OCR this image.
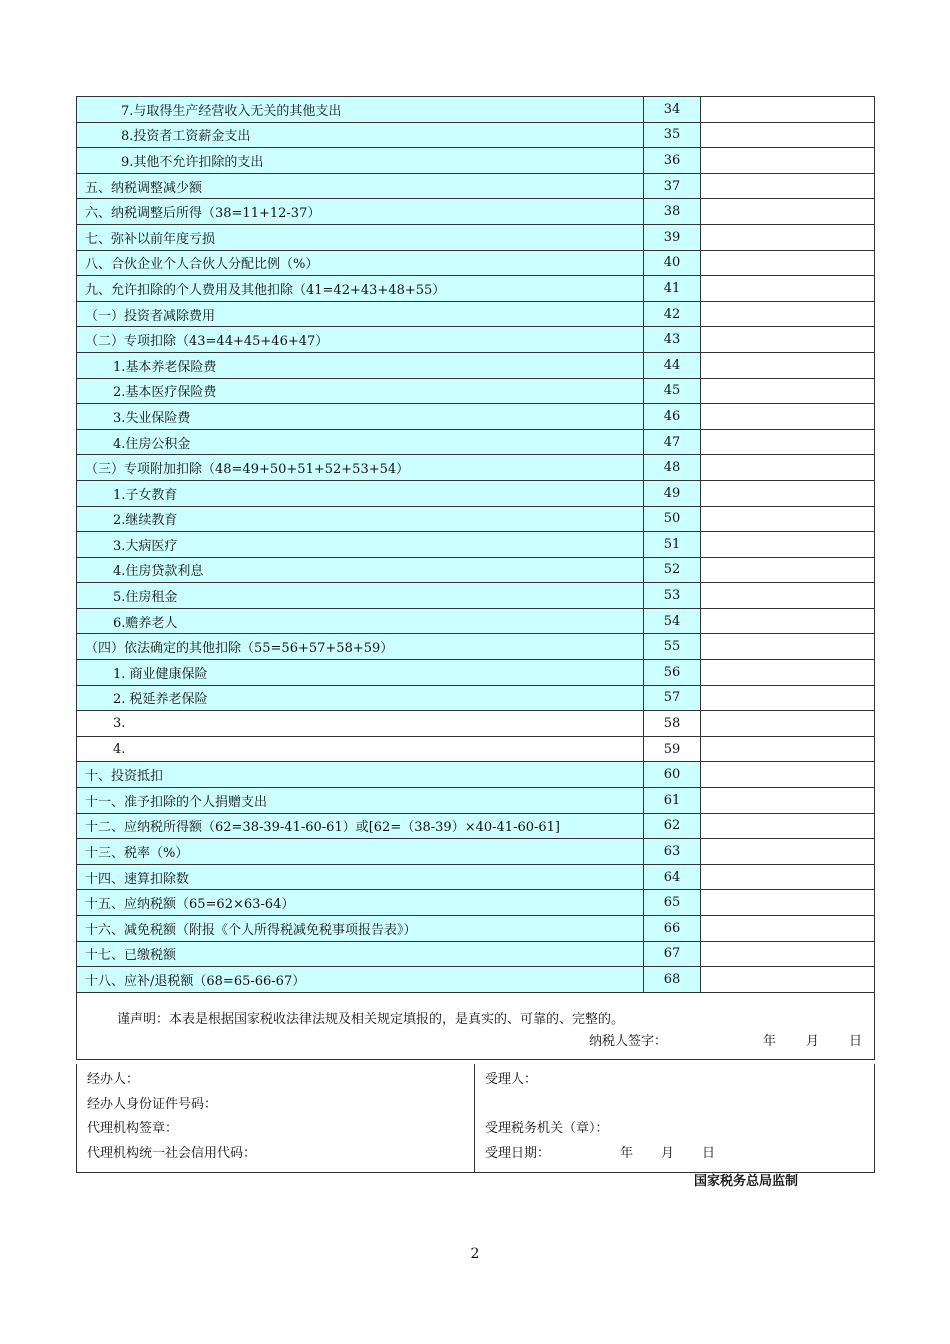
7.与取得生产经营收入无关的其他支出	34	
8.投资者工资薪金支出	35	
9.其他不允许扣除的支出	36	
五、纳税调整减少额	37	
六、纳税调整后所得（38=11+12-37）	38	
七、弥补以前年度亏损	39	
八、合伙企业个人合伙人分配比例（%）	40	
九、允许扣除的个人费用及其他扣除（41=42+43+48+55）	41	
（一）投资者减除费用	42	
（二）专项扣除（43=44+45+46+47）	43	
1.基本养老保险费	44	
2.基本医疗保险费	45	
3.失业保险费	46	
4.住房公积金	47	
（三）专项附加扣除（48=49+50+51+52+53+54）	48	
1.子女教育	49	
2.继续教育	50	
3.大病医疗	51	
4.住房贷款利息	52	
5.住房租金	53	
6.赡养老人	54	
（四）依法确定的其他扣除（55=56+57+58+59）	55	
1. 商业健康保险	56	
2. 税延养老保险	57	
3.	58	
4.	59	
十、投资抵扣	60	
十一、准予扣除的个人捐赠支出	61	
十二、应纳税所得额（62=38-39-41-60-61）或[62=（38-39）×40-41-60-61]	62	
十三、税率（%）	63	
十四、速算扣除数	64	
十五、应纳税额（65=62×63-64）	65	
十六、减免税额（附报《个人所得税减免税事项报告表》）	66	
十七、已缴税额	67	
十八、应补/退税额（68=65-66-67）	68	

谨声明：本表是根据国家税收法律法规及相关规定填报的，是真实的、可靠的、完整的。
纳税人签字： 年 月 日		
经办人：
经办人身份证件号码：
代理机构签章：
代理机构统一社会信用代码：

受理人：
受理税务机关（章）：
受理日期：	年 月 日
国家税务总局监制
2
